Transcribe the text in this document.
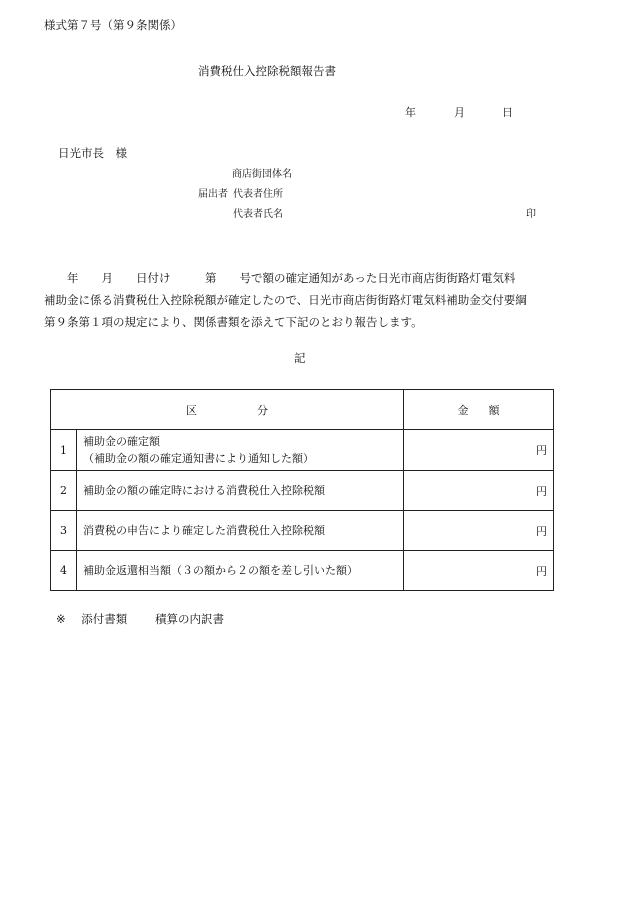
様式第７号（第９条関係）
消費税仕入控除税額報告書
年	月	日
日光市長　様
商店街団体名
届出者 代表者住所
代表者氏名	印
　　年　　月　　日付け　　　第　　号で額の確定通知があった日光市商店街街路灯電気料
補助金に係る消費税仕入控除税額が確定したので、日光市商店街街路灯電気料補助金交付要綱
第９条第１項の規定により、関係書類を添えて下記のとおり報告します。
記
区分		金額
1	補助金の確定額
（補助金の額の確定通知書により通知した額）	円
2	補助金の額の確定時における消費税仕入控除税額	円
3	消費税の申告により確定した消費税仕入控除税額	円
4	補助金返還相当額（３の額から２の額を差し引いた額）	円
※ 添付書類 積算の内訳書
